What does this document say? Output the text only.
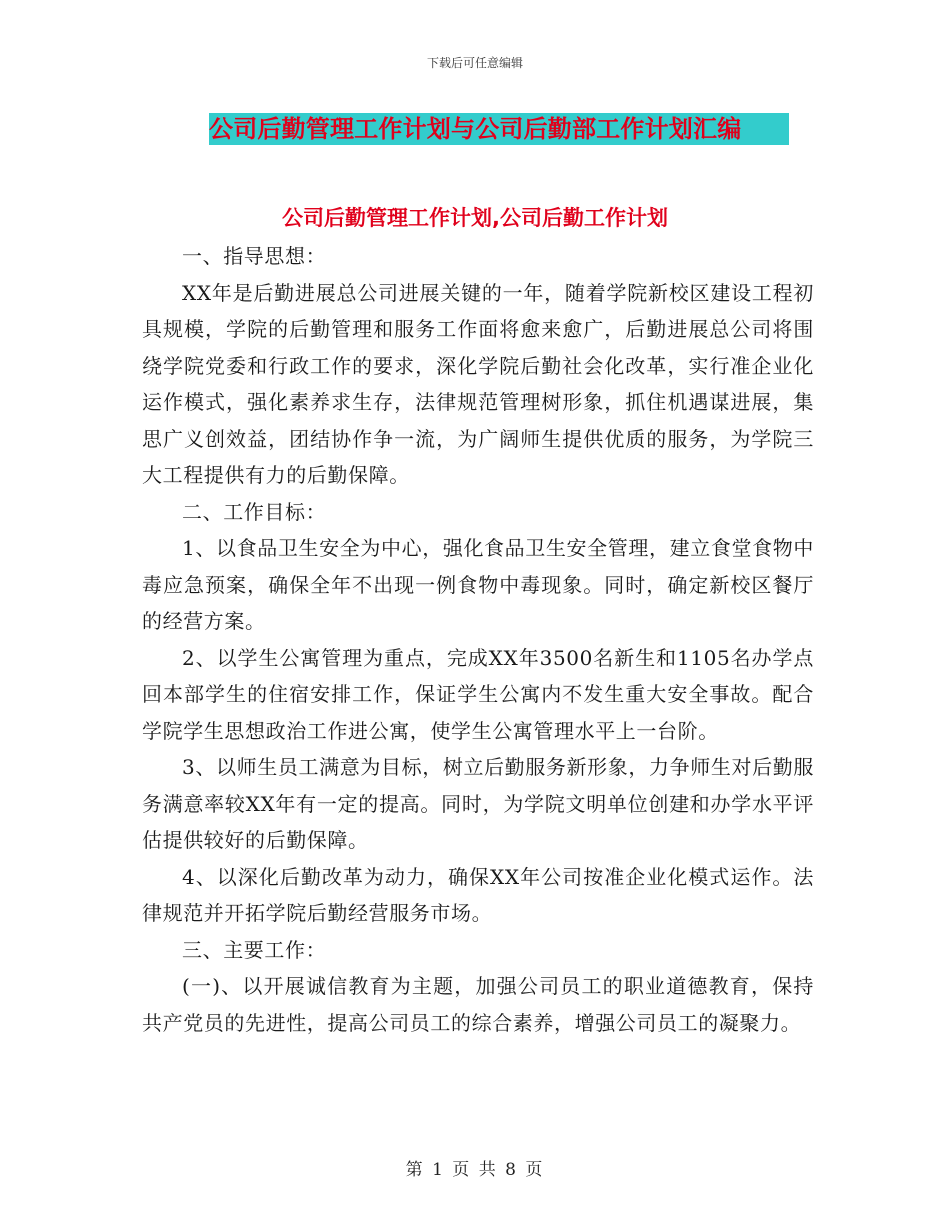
下载后可任意编辑
公司后勤管理工作计划与公司后勤部工作计划汇编
公司后勤管理工作计划,公司后勤工作计划

一、指导思想：

XX年是后勤进展总公司进展关键的一年，随着学院新校区建设工程初具规模，学院的后勤管理和服务工作面将愈来愈广，后勤进展总公司将围绕学院党委和行政工作的要求，深化学院后勤社会化改革，实行准企业化运作模式，强化素养求生存，法律规范管理树形象，抓住机遇谋进展，集思广义创效益，团结协作争一流，为广阔师生提供优质的服务，为学院三大工程提供有力的后勤保障。

二、工作目标：

1、以食品卫生安全为中心，强化食品卫生安全管理，建立食堂食物中毒应急预案，确保全年不出现一例食物中毒现象。同时，确定新校区餐厅的经营方案。

2、以学生公寓管理为重点，完成XX年3500名新生和1105名办学点回本部学生的住宿安排工作，保证学生公寓内不发生重大安全事故。配合学院学生思想政治工作进公寓，使学生公寓管理水平上一台阶。

3、以师生员工满意为目标，树立后勤服务新形象，力争师生对后勤服务满意率较XX年有一定的提高。同时，为学院文明单位创建和办学水平评估提供较好的后勤保障。

4、以深化后勤改革为动力，确保XX年公司按准企业化模式运作。法律规范并开拓学院后勤经营服务市场。

三、主要工作：

(一)、以开展诚信教育为主题，加强公司员工的职业道德教育，保持共产党员的先进性，提高公司员工的综合素养，增强公司员工的凝聚力。

第 1 页 共 8 页
